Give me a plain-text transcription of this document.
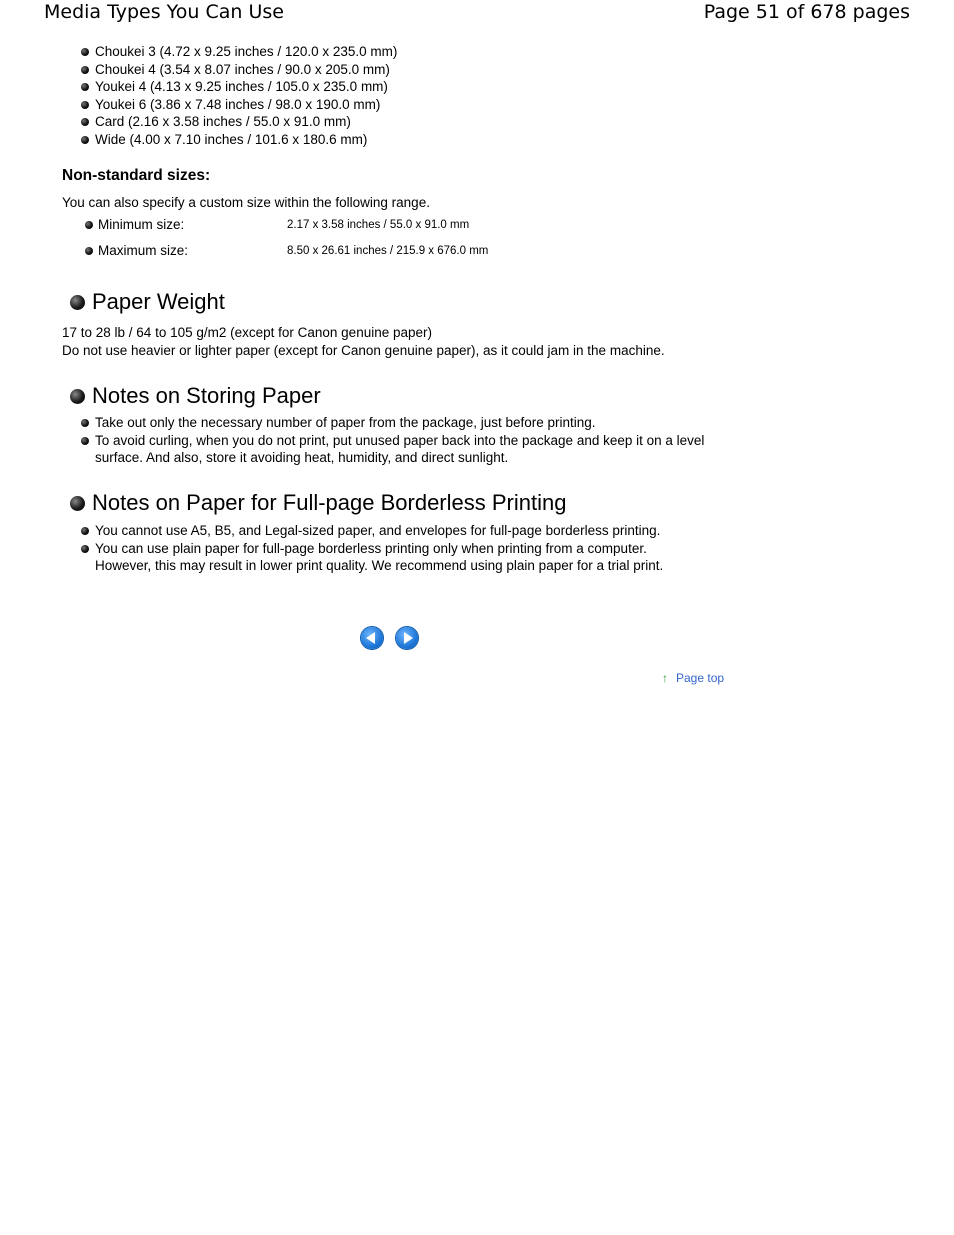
Media Types You Can Use	Page 51 of 678 pages
Choukei 3 (4.72 x 9.25 inches / 120.0 x 235.0 mm)
Choukei 4 (3.54 x 8.07 inches / 90.0 x 205.0 mm)
Youkei 4 (4.13 x 9.25 inches / 105.0 x 235.0 mm)
Youkei 6 (3.86 x 7.48 inches / 98.0 x 190.0 mm)
Card (2.16 x 3.58 inches / 55.0 x 91.0 mm)
Wide (4.00 x 7.10 inches / 101.6 x 180.6 mm)
Non-standard sizes:
You can also specify a custom size within the following range.
Minimum size:	2.17 x 3.58 inches / 55.0 x 91.0 mm
Maximum size:	8.50 x 26.61 inches / 215.9 x 676.0 mm
Paper Weight
17 to 28 lb / 64 to 105 g/m2 (except for Canon genuine paper)
Do not use heavier or lighter paper (except for Canon genuine paper), as it could jam in the machine.
Notes on Storing Paper
Take out only the necessary number of paper from the package, just before printing.
To avoid curling, when you do not print, put unused paper back into the package and keep it on a level surface. And also, store it avoiding heat, humidity, and direct sunlight.
Notes on Paper for Full-page Borderless Printing
You cannot use A5, B5, and Legal-sized paper, and envelopes for full-page borderless printing.
You can use plain paper for full-page borderless printing only when printing from a computer. However, this may result in lower print quality. We recommend using plain paper for a trial print.
↑ Page top
